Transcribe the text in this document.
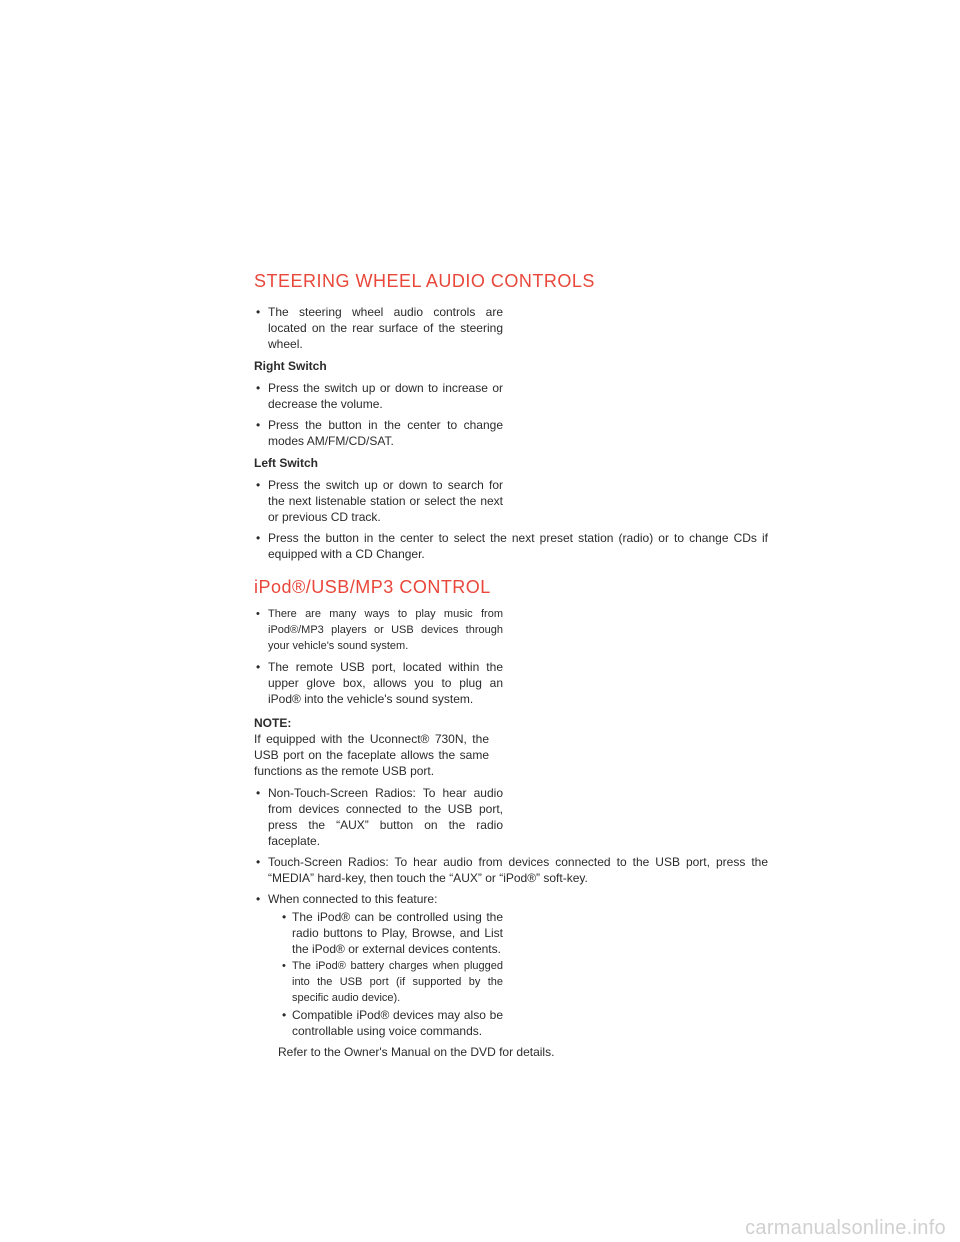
STEERING WHEEL AUDIO CONTROLS
• The steering wheel audio controls are located on the rear surface of the steering wheel.
Right Switch
• Press the switch up or down to increase or decrease the volume.
• Press the button in the center to change modes AM/FM/CD/SAT.
Left Switch
• Press the switch up or down to search for the next listenable station or select the next or previous CD track.
• Press the button in the center to select the next preset station (radio) or to change CDs if equipped with a CD Changer.
iPod®/USB/MP3 CONTROL
• There are many ways to play music from iPod®/MP3 players or USB devices through your vehicle's sound system.
• The remote USB port, located within the upper glove box, allows you to plug an iPod® into the vehicle's sound system.
NOTE:
If equipped with the Uconnect® 730N, the USB port on the faceplate allows the same functions as the remote USB port.
• Non-Touch-Screen Radios: To hear audio from devices connected to the USB port, press the “AUX” button on the radio faceplate.
• Touch-Screen Radios: To hear audio from devices connected to the USB port, press the “MEDIA” hard-key, then touch the “AUX” or “iPod®” soft-key.
• When connected to this feature:
• The iPod® can be controlled using the radio buttons to Play, Browse, and List the iPod® or external devices contents.
• The iPod® battery charges when plugged into the USB port (if supported by the specific audio device).
• Compatible iPod® devices may also be controllable using voice commands.
Refer to the Owner's Manual on the DVD for details.
carmanualsonline.info
